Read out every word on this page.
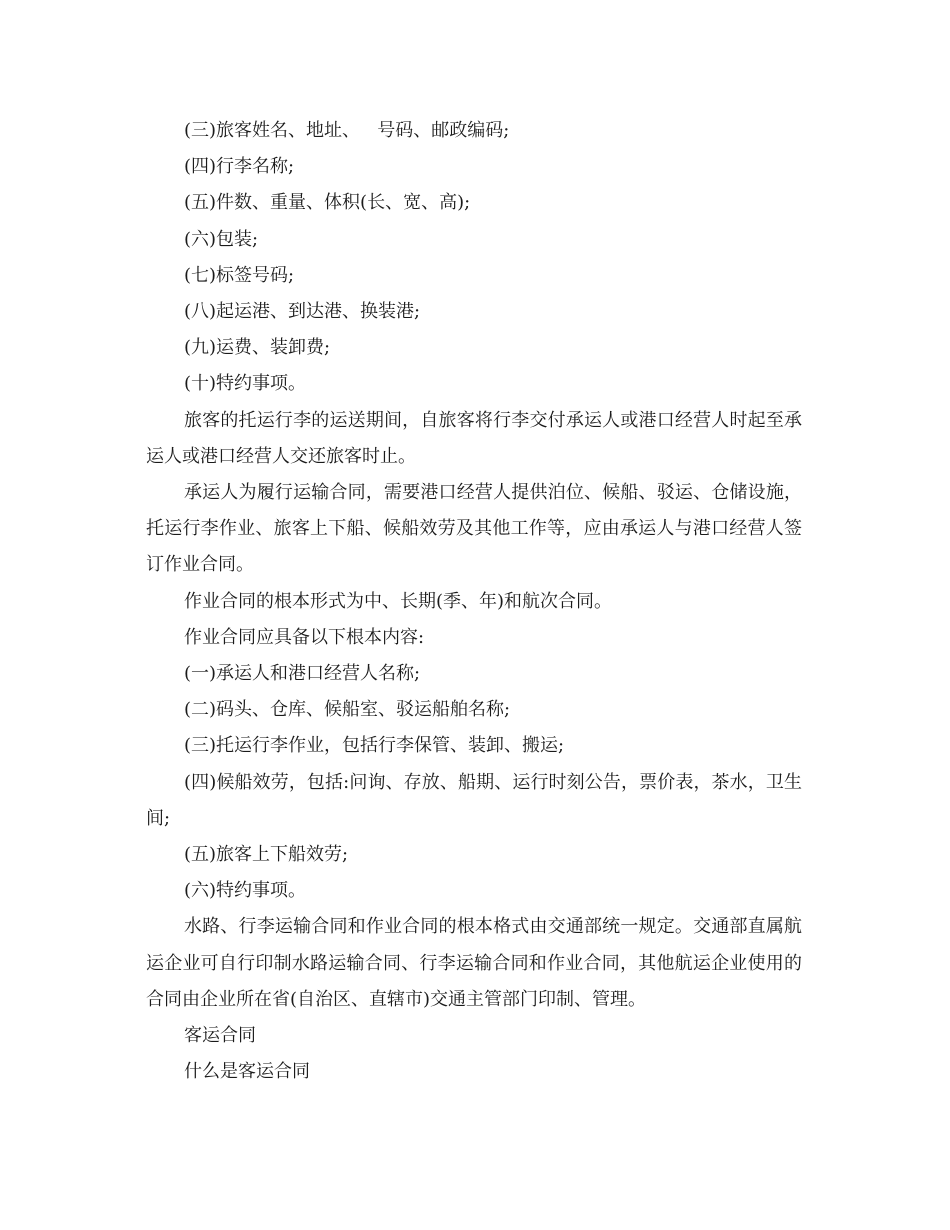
(三)旅客姓名、地址、   号码、邮政编码;

(四)行李名称;

(五)件数、重量、体积(长、宽、高);

(六)包装;

(七)标签号码;

(八)起运港、到达港、换装港;

(九)运费、装卸费;

(十)特约事项。

旅客的托运行李的运送期间，自旅客将行李交付承运人或港口经营人时起至承运人或港口经营人交还旅客时止。

承运人为履行运输合同，需要港口经营人提供泊位、候船、驳运、仓储设施，托运行李作业、旅客上下船、候船效劳及其他工作等，应由承运人与港口经营人签订作业合同。

作业合同的根本形式为中、长期(季、年)和航次合同。

作业合同应具备以下根本内容:

(一)承运人和港口经营人名称;

(二)码头、仓库、候船室、驳运船舶名称;

(三)托运行李作业，包括行李保管、装卸、搬运;

(四)候船效劳，包括:问询、存放、船期、运行时刻公告，票价表，茶水，卫生间;

(五)旅客上下船效劳;

(六)特约事项。

水路、行李运输合同和作业合同的根本格式由交通部统一规定。交通部直属航运企业可自行印制水路运输合同、行李运输合同和作业合同，其他航运企业使用的合同由企业所在省(自治区、直辖市)交通主管部门印制、管理。

客运合同

什么是客运合同
